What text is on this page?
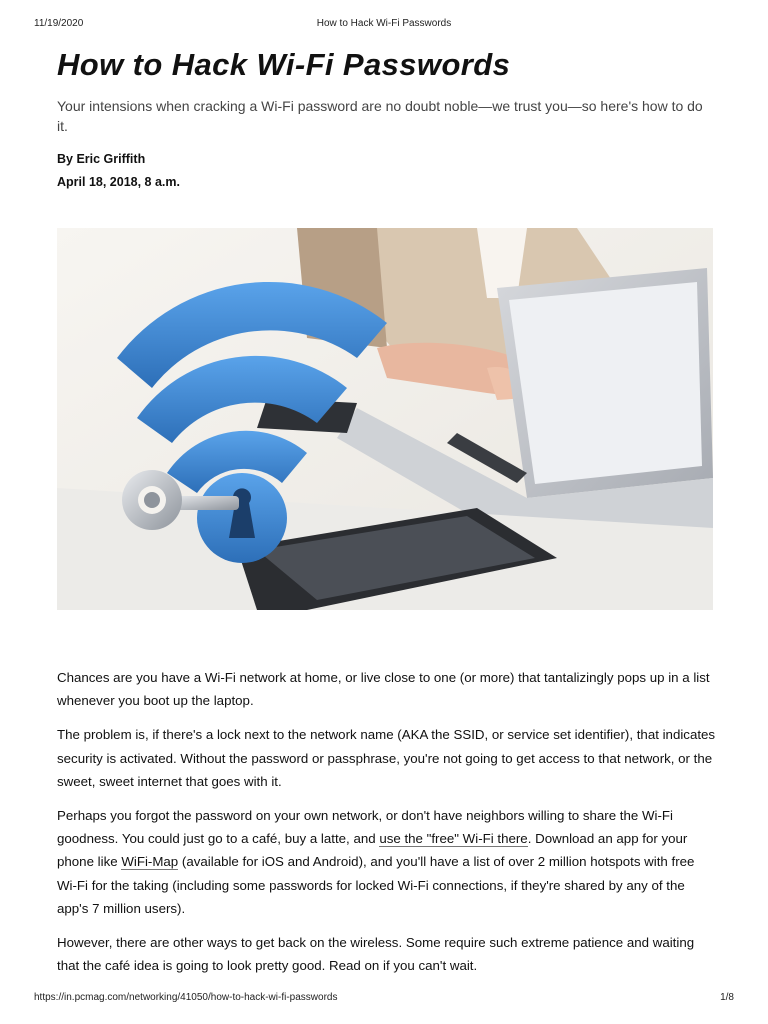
11/19/2020	How to Hack Wi-Fi Passwords
How to Hack Wi-Fi Passwords

Your intensions when cracking a Wi-Fi password are no doubt noble—we trust you—so here's how to do it.

By Eric Griffith

April 18, 2018, 8 a.m.

Chances are you have a Wi-Fi network at home, or live close to one (or more) that tantalizingly pops up in a list whenever you boot up the laptop.

The problem is, if there's a lock next to the network name (AKA the SSID, or service set identifier), that indicates security is activated. Without the password or passphrase, you're not going to get access to that network, or the sweet, sweet internet that goes with it.

Perhaps you forgot the password on your own network, or don't have neighbors willing to share the Wi-Fi goodness. You could just go to a café, buy a latte, and use the "free" Wi-Fi there. Download an app for your phone like WiFi-Map (available for iOS and Android), and you'll have a list of over 2 million hotspots with free Wi-Fi for the taking (including some passwords for locked Wi-Fi connections, if they're shared by any of the app's 7 million users).

However, there are other ways to get back on the wireless. Some require such extreme patience and waiting that the café idea is going to look pretty good. Read on if you can't wait.

https://in.pcmag.com/networking/41050/how-to-hack-wi-fi-passwords	1/8
